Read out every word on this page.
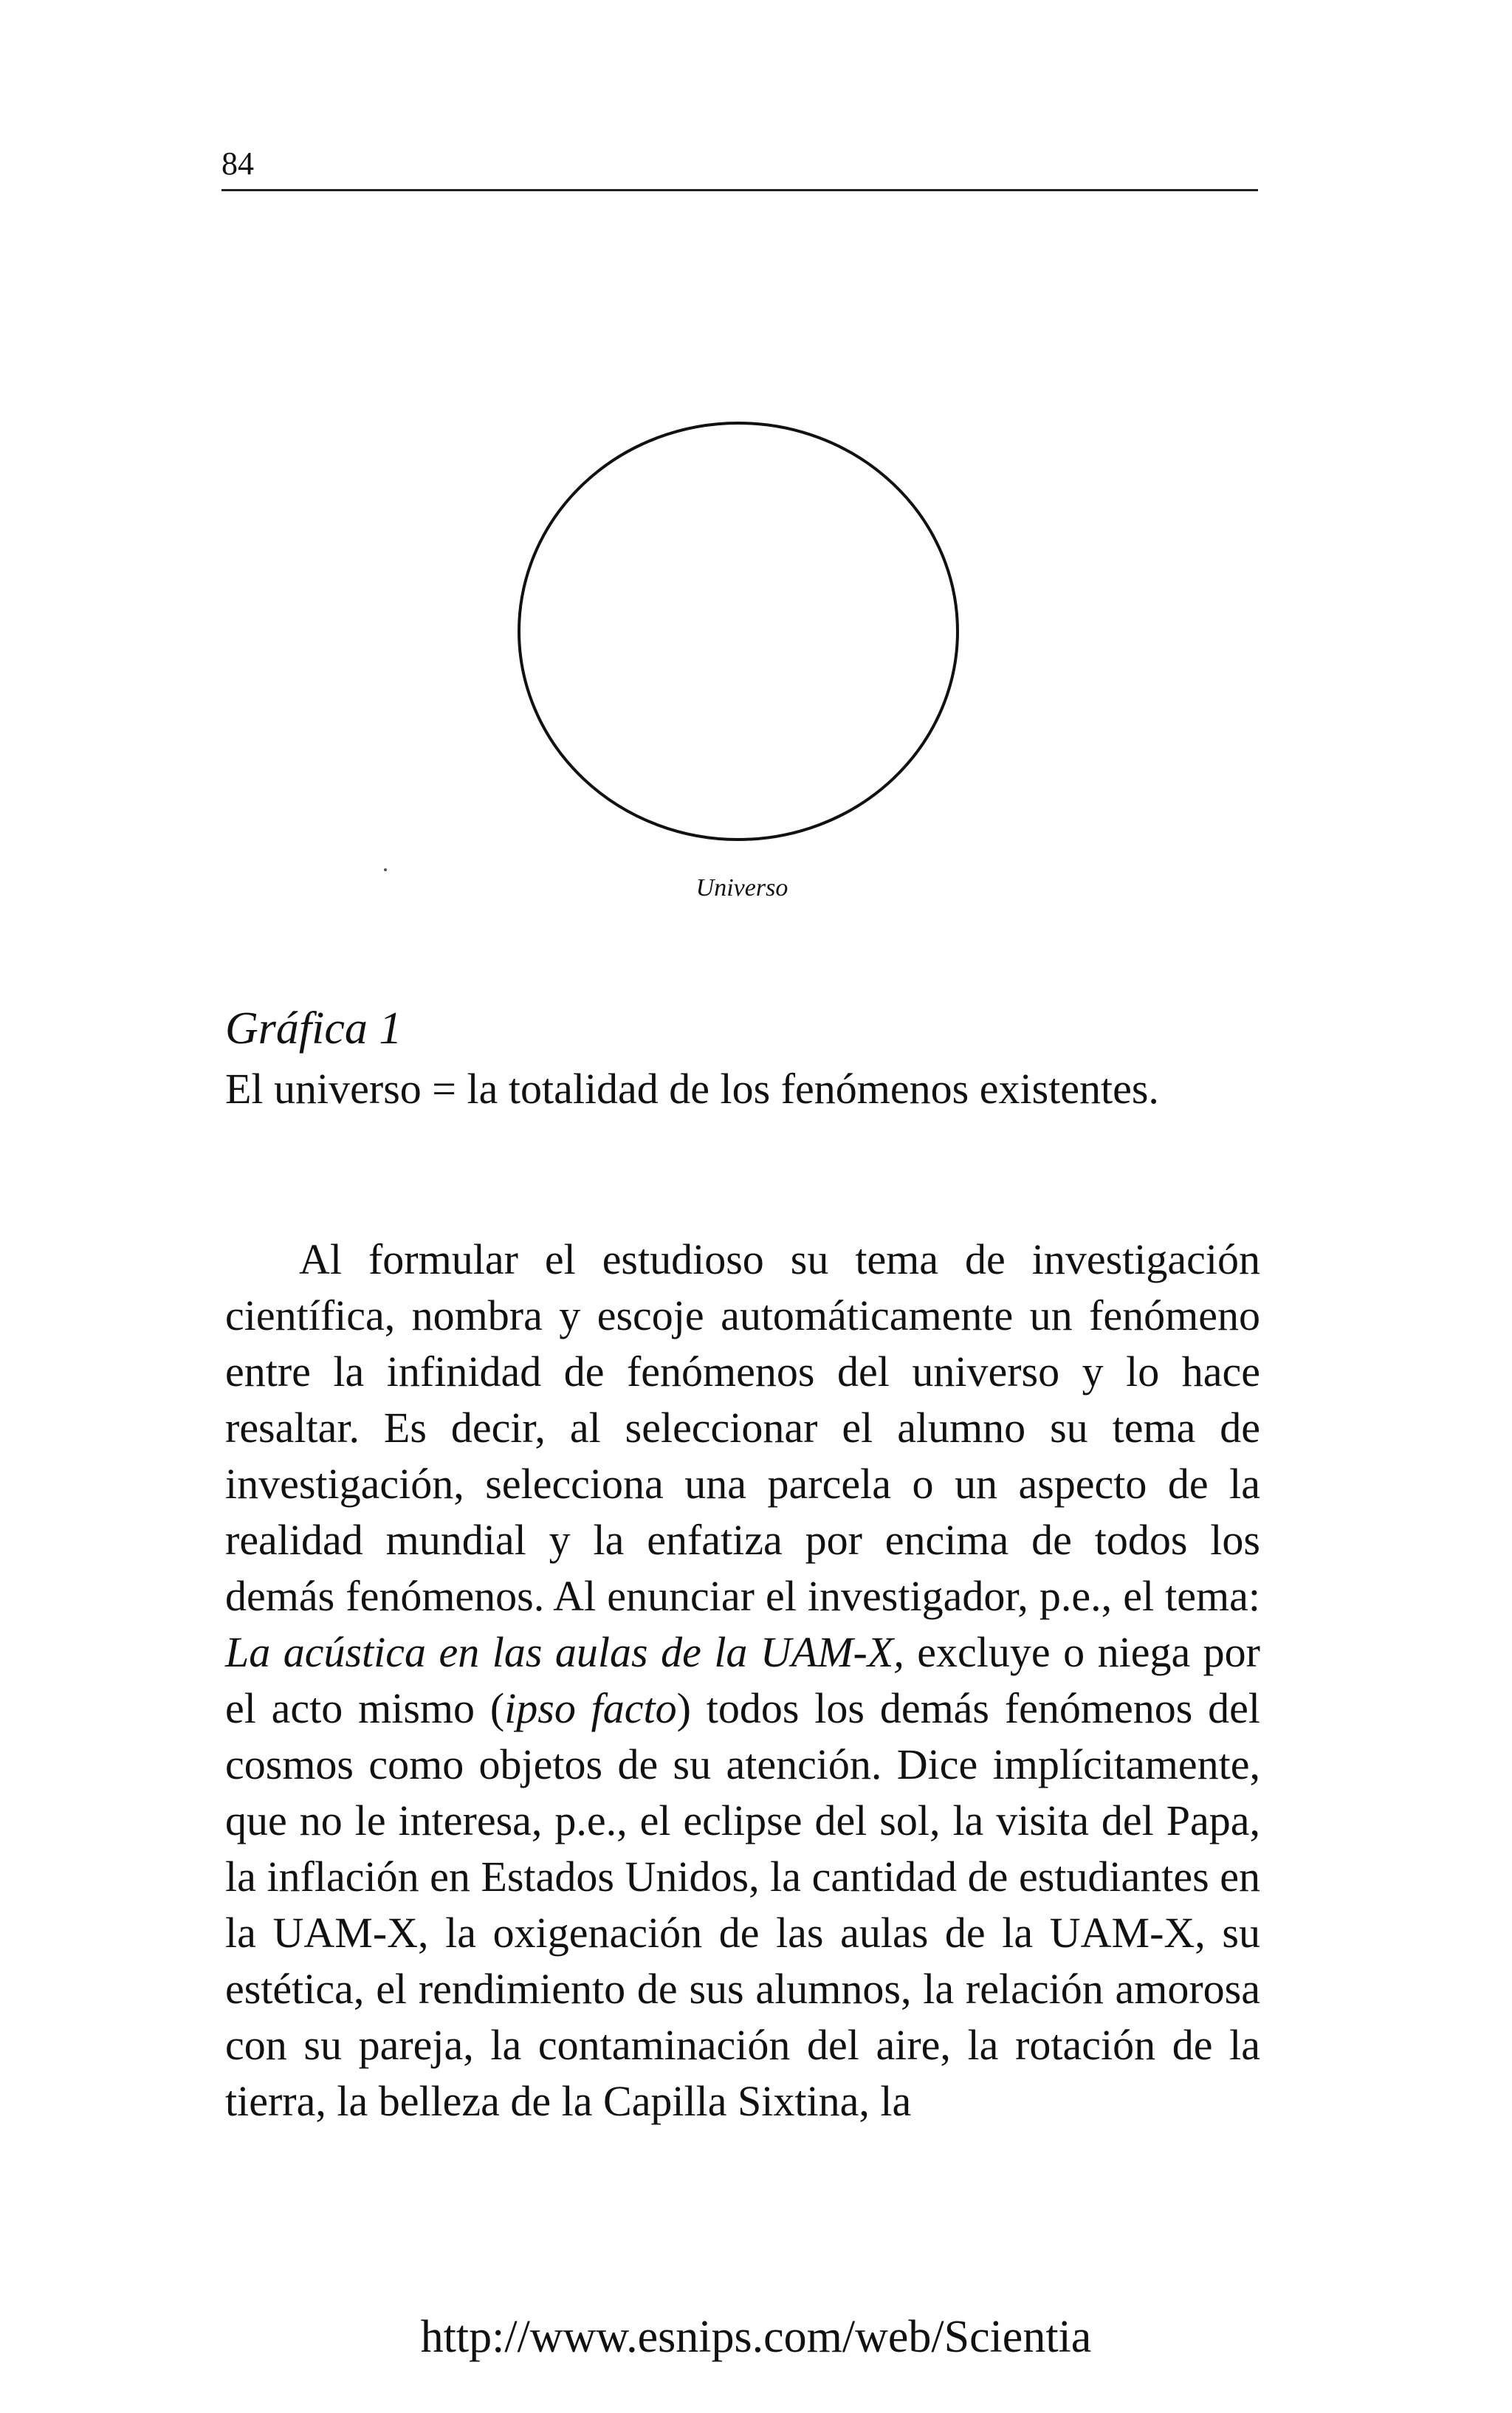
84
Universo
Gráfica 1
El universo = la totalidad de los fenómenos existentes.
Al formular el estudioso su tema de investigación científica, nombra y escoje automáticamente un fenómeno entre la infinidad de fenómenos del universo y lo hace resaltar. Es decir, al seleccionar el alumno su tema de investigación, selecciona una parcela o un aspecto de la realidad mundial y la enfatiza por encima de todos los demás fenómenos. Al enunciar el investigador, p.e., el tema: La acústica en las aulas de la UAM-X, excluye o niega por el acto mismo (ipso facto) todos los demás fenómenos del cosmos como objetos de su atención. Dice implícitamente, que no le interesa, p.e., el eclipse del sol, la visita del Papa, la inflación en Estados Unidos, la cantidad de estudiantes en la UAM-X, la oxigenación de las aulas de la UAM-X, su estética, el rendimiento de sus alumnos, la relación amorosa con su pareja, la contaminación del aire, la rotación de la tierra, la belleza de la Capilla Sixtina, la
http://www.esnips.com/web/Scientia
